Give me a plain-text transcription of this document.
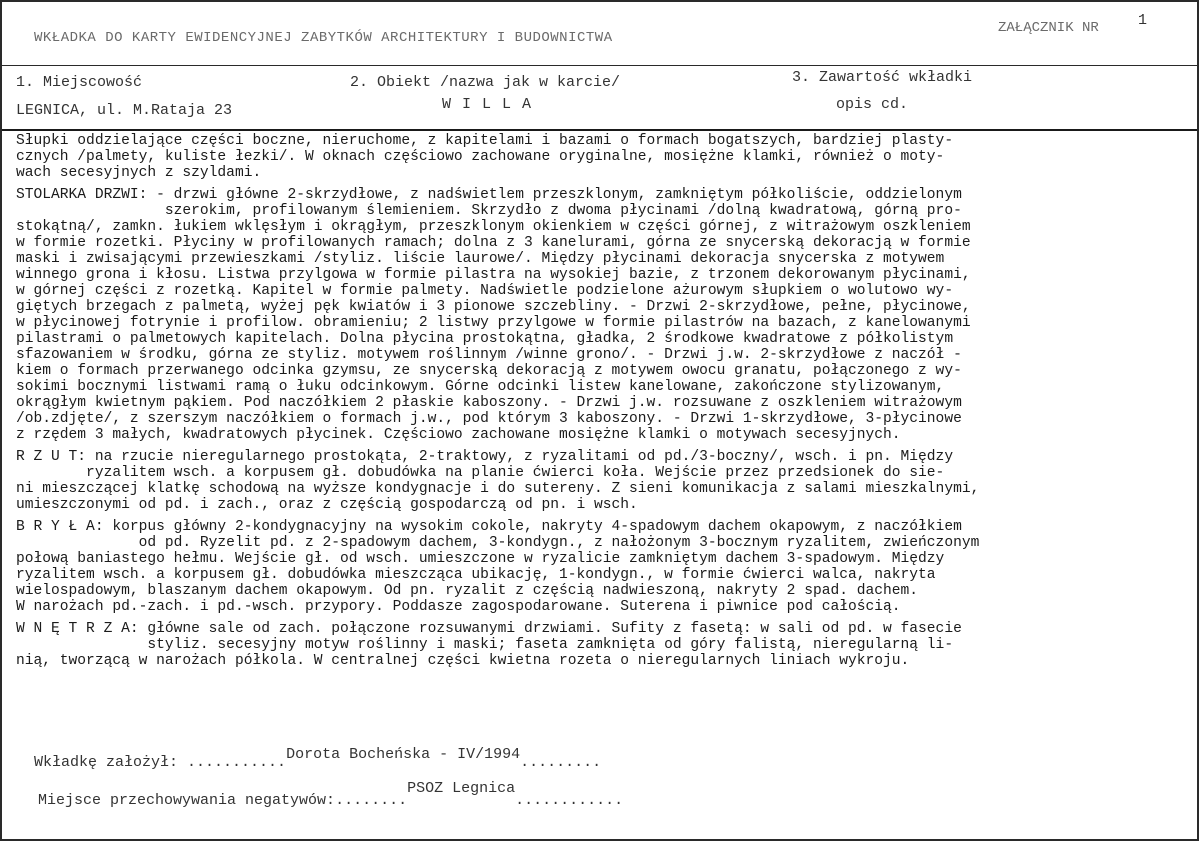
WKŁADKA DO KARTY EWIDENCYJNEJ ZABYTKÓW ARCHITEKTURY I BUDOWNICTWA
ZAŁĄCZNIK NR	1
1. Miejscowość
LEGNICA, ul. M.Rataja 23
2. Obiekt /nazwa jak w karcie/
W I L L A
3. Zawartość wkładki
opis cd.
Słupki oddzielające części boczne, nieruchome, z kapitelami i bazami o formach bogatszych, bardziej plasty-
cznych /palmety, kuliste łezki/. W oknach częściowo zachowane oryginalne, mosiężne klamki, również o moty-
wach secesyjnych z szyldami.
STOLARKA DRZWI: - drzwi główne 2-skrzydłowe, z nadświetlem przeszklonym, zamkniętym półkoliście, oddzielonym
szerokim, profilowanym ślemieniem. Skrzydło z dwoma płycinami /dolną kwadratową, górną pro-
stokątną/, zamkn. łukiem wklęsłym i okrągłym, przeszklonym okienkiem w części górnej, z witrażowym oszkleniem
w formie rozetki. Płyciny w profilowanych ramach; dolna z 3 kanelurami, górna ze snycerską dekoracją w formie
maski i zwisającymi przewieszkami /styliz. liście laurowe/. Między płycinami dekoracja snycerska z motywem
winnego grona i kłosu. Listwa przylgowa w formie pilastra na wysokiej bazie, z trzonem dekorowanym płycinami,
w górnej części z rozetką. Kapitel w formie palmety. Nadświetle podzielone ażurowym słupkiem o wolutowo wy-
giętych brzegach z palmetą, wyżej pęk kwiatów i 3 pionowe szczebliny. - Drzwi 2-skrzydłowe, pełne, płycinowe,
w płycinowej fotrynie i profilow. obramieniu; 2 listwy przylgowe w formie pilastrów na bazach, z kanelowanymi
pilastrami o palmetowych kapitelach. Dolna płycina prostokątna, gładka, 2 środkowe kwadratowe z półkolistym
sfazowaniem w środku, górna ze styliz. motywem roślinnym /winne grono/. - Drzwi j.w. 2-skrzydłowe z naczół -
kiem o formach przerwanego odcinka gzymsu, ze snycerską dekoracją z motywem owocu granatu, połączonego z wy-
sokimi bocznymi listwami ramą o łuku odcinkowym. Górne odcinki listew kanelowane, zakończone stylizowanym,
okrągłym kwietnym pąkiem. Pod naczółkiem 2 płaskie kaboszony. - Drzwi j.w. rozsuwane z oszkleniem witrażowym
/ob.zdjęte/, z szerszym naczółkiem o formach j.w., pod którym 3 kaboszony. - Drzwi 1-skrzydłowe, 3-płycinowe
z rzędem 3 małych, kwadratowych płycinek. Częściowo zachowane mosiężne klamki o motywach secesyjnych.
R Z U T: na rzucie nieregularnego prostokąta, 2-traktowy, z ryzalitami od pd./3-boczny/, wsch. i pn. Między
ryzalitem wsch. a korpusem gł. dobudówka na planie ćwierci koła. Wejście przez przedsionek do sie-
ni mieszczącej klatkę schodową na wyższe kondygnacje i do sutereny. Z sieni komunikacja z salami mieszkalnymi,
umieszczonymi od pd. i zach., oraz z częścią gospodarczą od pn. i wsch.
B R Y Ł A: korpus główny 2-kondygnacyjny na wysokim cokole, nakryty 4-spadowym dachem okapowym, z naczółkiem
od pd. Ryzelit pd. z 2-spadowym dachem, 3-kondygn., z nałożonym 3-bocznym ryzalitem, zwieńczonym
połową baniastego hełmu. Wejście gł. od wsch. umieszczone w ryzalicie zamkniętym dachem 3-spadowym. Między
ryzalitem wsch. a korpusem gł. dobudówka mieszcząca ubikację, 1-kondygn., w formie ćwierci walca, nakryta
wielospadowym, blaszanym dachem okapowym. Od pn. ryzalit z częścią nadwieszoną, nakryty 2 spad. dachem.
W narożach pd.-zach. i pd.-wsch. przypory. Poddasze zagospodarowane. Suterena i piwnice pod całością.
W N Ę T R Z A: główne sale od zach. połączone rozsuwanymi drzwiami. Sufity z fasetą: w sali od pd. w fasecie
styliz. secesyjny motyw roślinny i maski; faseta zamknięta od góry falistą, nieregularną li-
nią, tworzącą w narożach półkola. W centralnej części kwietna rozeta o nieregularnych liniach wykroju.
Wkładkę założył: ...........Dorota Bocheńska - IV/1994.........
Miejsce przechowywania negatywów:........PSOZ Legnica............
